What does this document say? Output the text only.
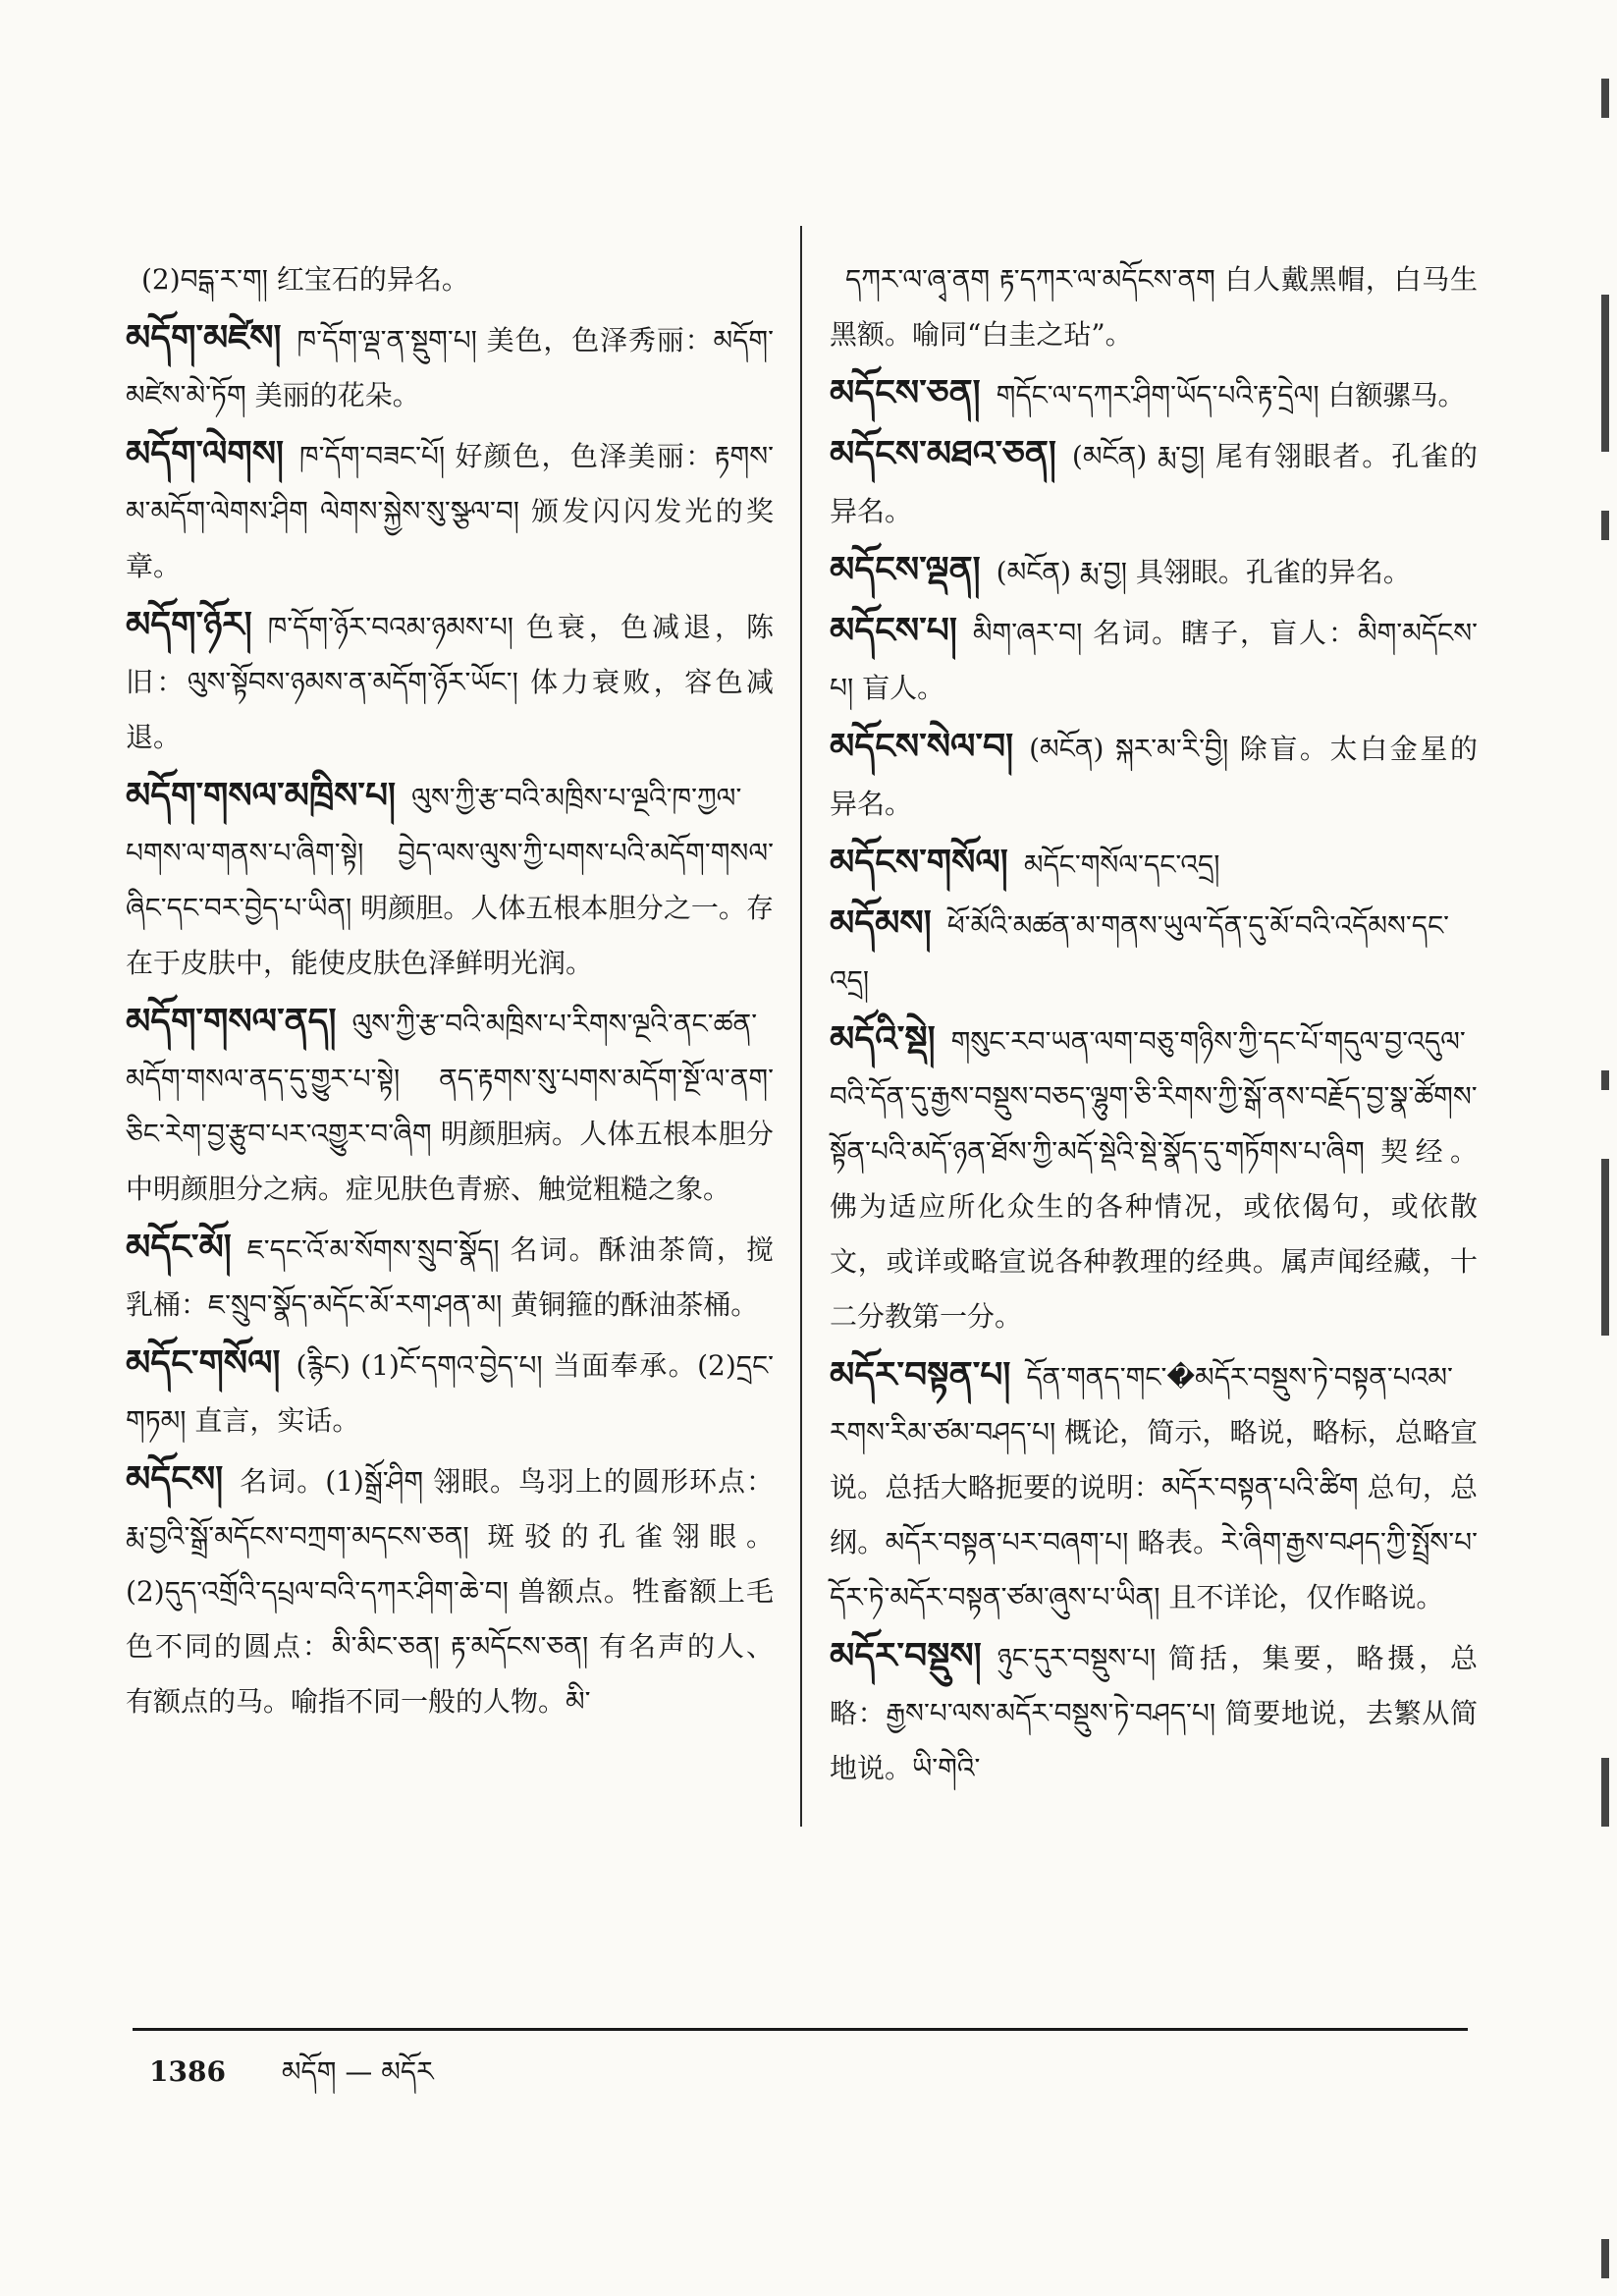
(2)བདྒ་ར་ག། 红宝石的异名。

མདོག་མཛེས། ཁ་དོག་ལྡ་ན་སྡུག་པ། 美色，色泽秀丽：མདོག་མཛེས་མེ་ཏོག 美丽的花朵。

མདོག་ལེགས། ཁ་དོག་བཟང་པོ། 好颜色，色泽美丽：རྟགས་མ་མདོག་ལེགས་ཤིག ལེགས་སྐྱེས་སུ་སྩལ་བ། 颁发闪闪发光的奖章。

མདོག་ཉོར། ཁ་དོག་ཉོར་བའམ་ཉམས་པ། 色衰，色减退，陈旧：ལུས་སྟོབས་ཉམས་ན་མདོག་ཉོར་ཡོང་། 体力衰败，容色减退。

མདོག་གསལ་མཁྲིས་པ། ལུས་ཀྱི་རྩ་བའི་མཁྲིས་པ་ལྔའི་ཁ་ཀྱལ་པགས་ལ་གནས་པ་ཞིག་སྟེ། བྱེད་ལས་ལུས་ཀྱི་པགས་པའི་མདོག་གསལ་ཞིང་དང་བར་བྱེད་པ་ཡིན། 明颜胆。人体五根本胆分之一。存在于皮肤中，能使皮肤色泽鲜明光润。

མདོག་གསལ་ནད། ལུས་ཀྱི་རྩ་བའི་མཁྲིས་པ་རིགས་ལྔའི་ནང་ཚན་མདོག་གསལ་ནད་དུ་གྱུར་པ་སྟེ། ནད་རྟགས་སུ་པགས་མདོག་སྔོ་ལ་ནག་ཅིང་རེག་བྱ་རྩུབ་པར་འགྱུར་བ་ཞིག 明颜胆病。人体五根本胆分中明颜胆分之病。症见肤色青瘀、触觉粗糙之象。

མདོང་མོ། ཇ་དང་འོ་མ་སོགས་སྲུབ་སྣོད། 名词。酥油茶筒，搅乳桶：ཇ་སྲུབ་སྣོད་མདོང་མོ་རག་ཤན་མ། 黄铜箍的酥油茶桶。

མདོང་གསོལ། (རྙིང) (1)ངོ་དགའ་བྱེད་པ། 当面奉承。(2)དྲང་གཏམ། 直言，实话。

མདོངས། 名词。(1)སྒྲོ་ཤིག 翎眼。鸟羽上的圆形环点：རྨ་བྱའི་སྒྲོ་མདོངས་བཀྲག་མདངས་ཅན། 斑驳的孔雀翎眼。(2)དུད་འགྲོའི་དཔྲལ་བའི་དཀར་ཤིག་ཆེ་བ། 兽额点。牲畜额上毛色不同的圆点：མི་མིང་ཅན། རྟ་མདོངས་ཅན། 有名声的人、有额点的马。喻指不同一般的人物。མི་

དཀར་ལ་ཞྭ་ནག རྟ་དཀར་ལ་མདོངས་ནག 白人戴黑帽，白马生黑额。喻同“白圭之玷”。

མདོངས་ཅན། གདོང་ལ་དཀར་ཤིག་ཡོད་པའི་རྟ་དྲེལ། 白额骡马。

མདོངས་མཐའ་ཅན། (མངོན) རྨ་བྱ། 尾有翎眼者。孔雀的异名。

མདོངས་ལྡན། (མངོན) རྨ་བྱ། 具翎眼。孔雀的异名。

མདོངས་པ། མིག་ཞར་བ། 名词。瞎子，盲人：མིག་མདོངས་པ། 盲人。

མདོངས་སེལ་བ། (མངོན) སྐར་མ་རི་བྱི། 除盲。太白金星的异名。

མདོངས་གསོལ། མདོང་གསོལ་དང་འདྲ།

མདོམས། ཕོ་མོའི་མཚན་མ་གནས་ཡུལ་དོན་དུ་མོ་བའི་འདོམས་དང་འདྲ།

མདོའི་སྡེ། གསུང་རབ་ཡན་ལག་བཅུ་གཉིས་ཀྱི་དང་པོ་གདུལ་བྱ་འདུལ་བའི་དོན་དུ་རྒྱས་བསྡུས་བཅད་ལྷུག་ཅི་རིགས་ཀྱི་སྒོ་ནས་བརྗོད་བྱ་སྣ་ཚོགས་སྟོན་པའི་མདོ་ཉན་ཐོས་ཀྱི་མདོ་སྡེའི་སྡེ་སྣོད་དུ་གཏོགས་པ་ཞིག 契经。佛为适应所化众生的各种情况，或依偈句，或依散文，或详或略宣说各种教理的经典。属声闻经藏，十二分教第一分。

མདོར་བསྟན་པ། དོན་གནད་གང་�མདོར་བསྡུས་ཏེ་བསྟན་པའམ་རགས་རིམ་ཙམ་བཤད་པ། 概论，简示，略说，略标，总略宣说。总括大略扼要的说明：མདོར་བསྟན་པའི་ཚིག 总句，总纲。མདོར་བསྟན་པར་བཞག་པ། 略表。རེ་ཞིག་རྒྱས་བཤད་ཀྱི་སྤྲོས་པ་དོར་ཏེ་མདོར་བསྟན་ཙམ་ཞུས་པ་ཡིན། 且不详论，仅作略说。

མདོར་བསྡུས། ཉུང་དུར་བསྡུས་པ། 简括，集要，略摄，总略：རྒྱས་པ་ལས་མདོར་བསྡུས་ཏེ་བཤད་པ། 简要地说，去繁从简地说。ཡི་གེའི་

1386 མདོག — མདོར
